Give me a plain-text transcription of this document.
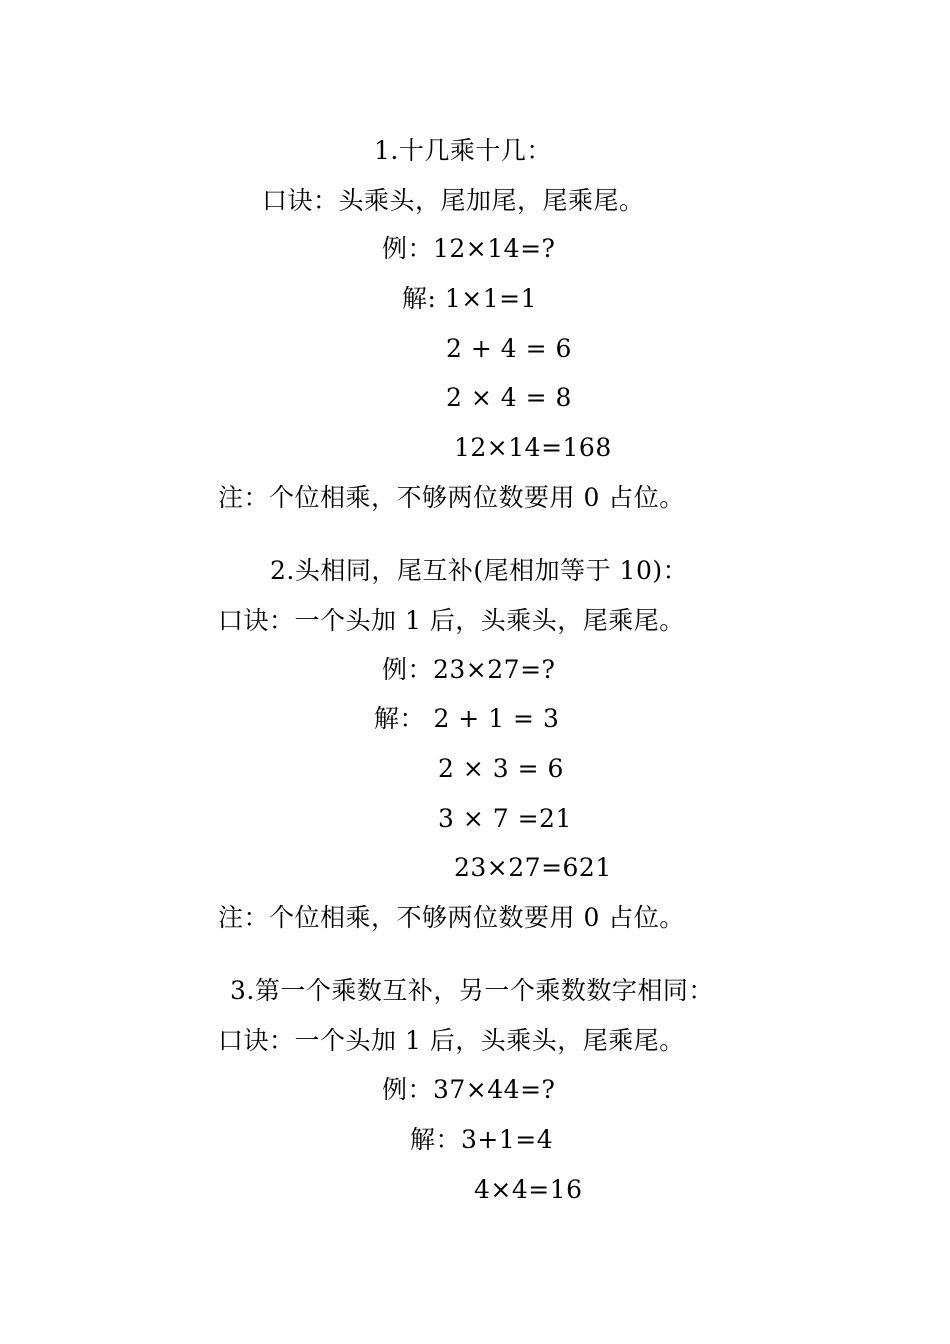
1.十几乘十几：
口诀：头乘头，尾加尾，尾乘尾。
例：12×14=?
解: 1×1=1
2 + 4 = 6
2 × 4 = 8
12×14=168
注：个位相乘，不够两位数要用 0 占位。
2.头相同，尾互补(尾相加等于 10)：
口诀：一个头加 1 后，头乘头，尾乘尾。
例：23×27=?
解： 2 + 1 = 3
2 × 3 = 6
3 × 7 =21
23×27=621
注：个位相乘，不够两位数要用 0 占位。
3.第一个乘数互补，另一个乘数数字相同：
口诀：一个头加 1 后，头乘头，尾乘尾。
例：37×44=?
解：3+1=4
4×4=16
